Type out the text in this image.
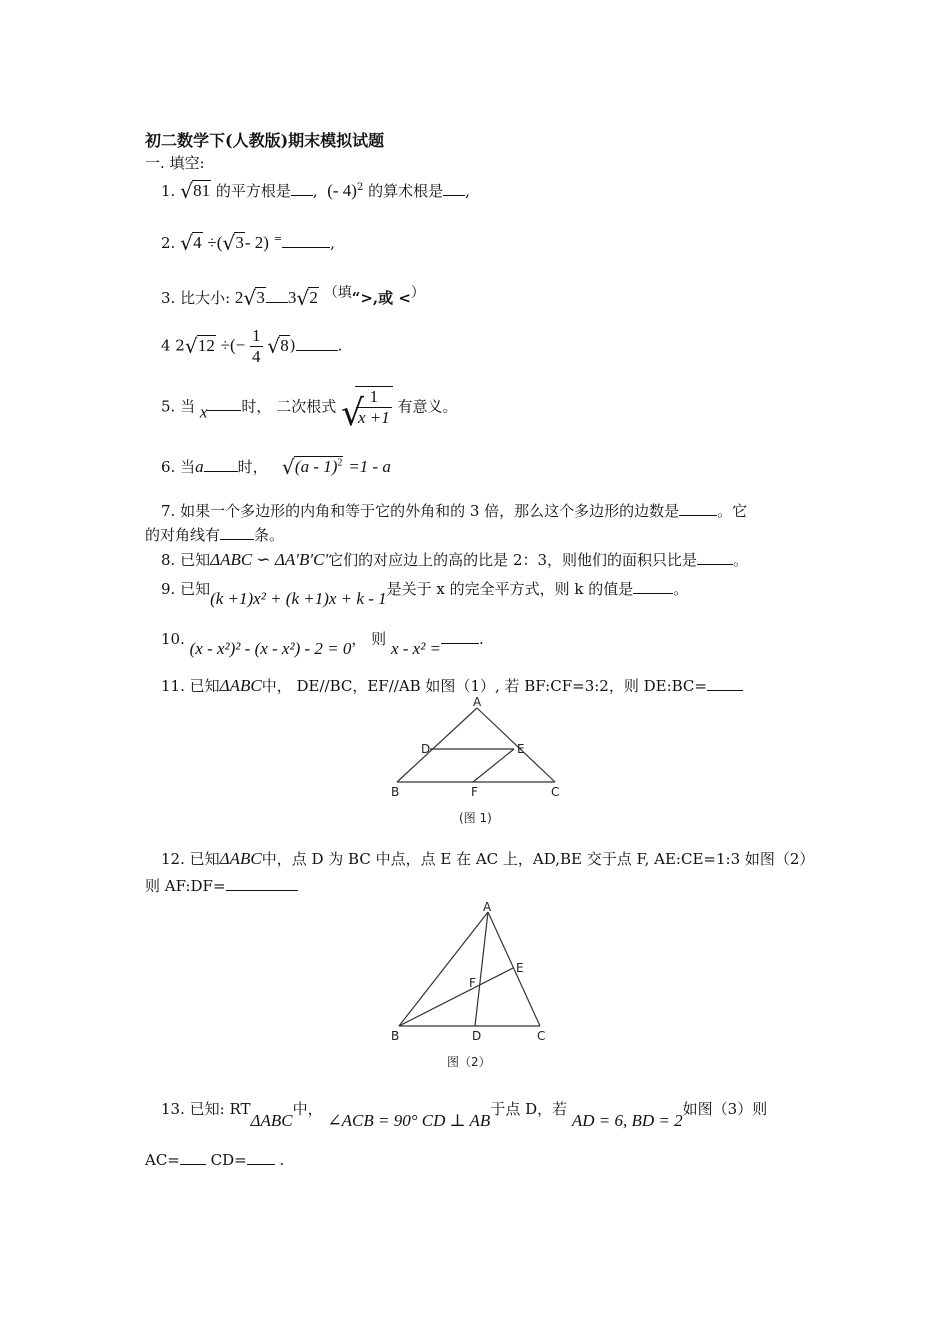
初二数学下(人教版)期末模拟试题
一. 填空:
1. √ 81 的平方根是 , (- 4)$^2$ 的算术根是 ,
2. √ 4 ÷( √ 3- 2) =	,
3. 比大小: 2 √ 3 3 √ 2 （填“>,或 <）
4 2 √ 12 ÷(− $\frac{1}{4}$
√ 8)	.
5. 当 x 时， 二次根式 √
$\frac{1}{x +1}$ 有意义。
6. 当a 时， √ (a - 1)$^2$ =1 - a
7. 如果一个多边形的内角和等于它的外角和的 3 倍，那么这个多边形的边数是	。它
的对角线有 条。
8. 已知ΔABC ∽ ΔA′B′C′它们的对应边上的高的比是 2：3，则他们的面积只比是 。
9. 已知(k +1)x² + (k +1)x + k - 1是关于 x 的完全平方式，则 k 的值是	。
10. (x - x²)² - (x - x²) - 2 = 0， 则 x - x² =	.
11. 已知ΔABC中， DE//BC，EF//AB 如图（1）, 若 BF:CF=3:2，则 DE:BC=
A
D	E
B	F	C
(图 1)
12. 已知ΔABC中，点 D 为 BC 中点，点 E 在 AC 上，AD,BE 交于点 F, AE:CE=1:3 如图（2）
则 AF:DF=
A
E
F
B	D	C
图（2）
13. 已知: RTΔABC中， ∠ACB = 90° CD ⊥ AB于点 D，若 AD = 6, BD = 2如图（3）则
AC= CD= .
